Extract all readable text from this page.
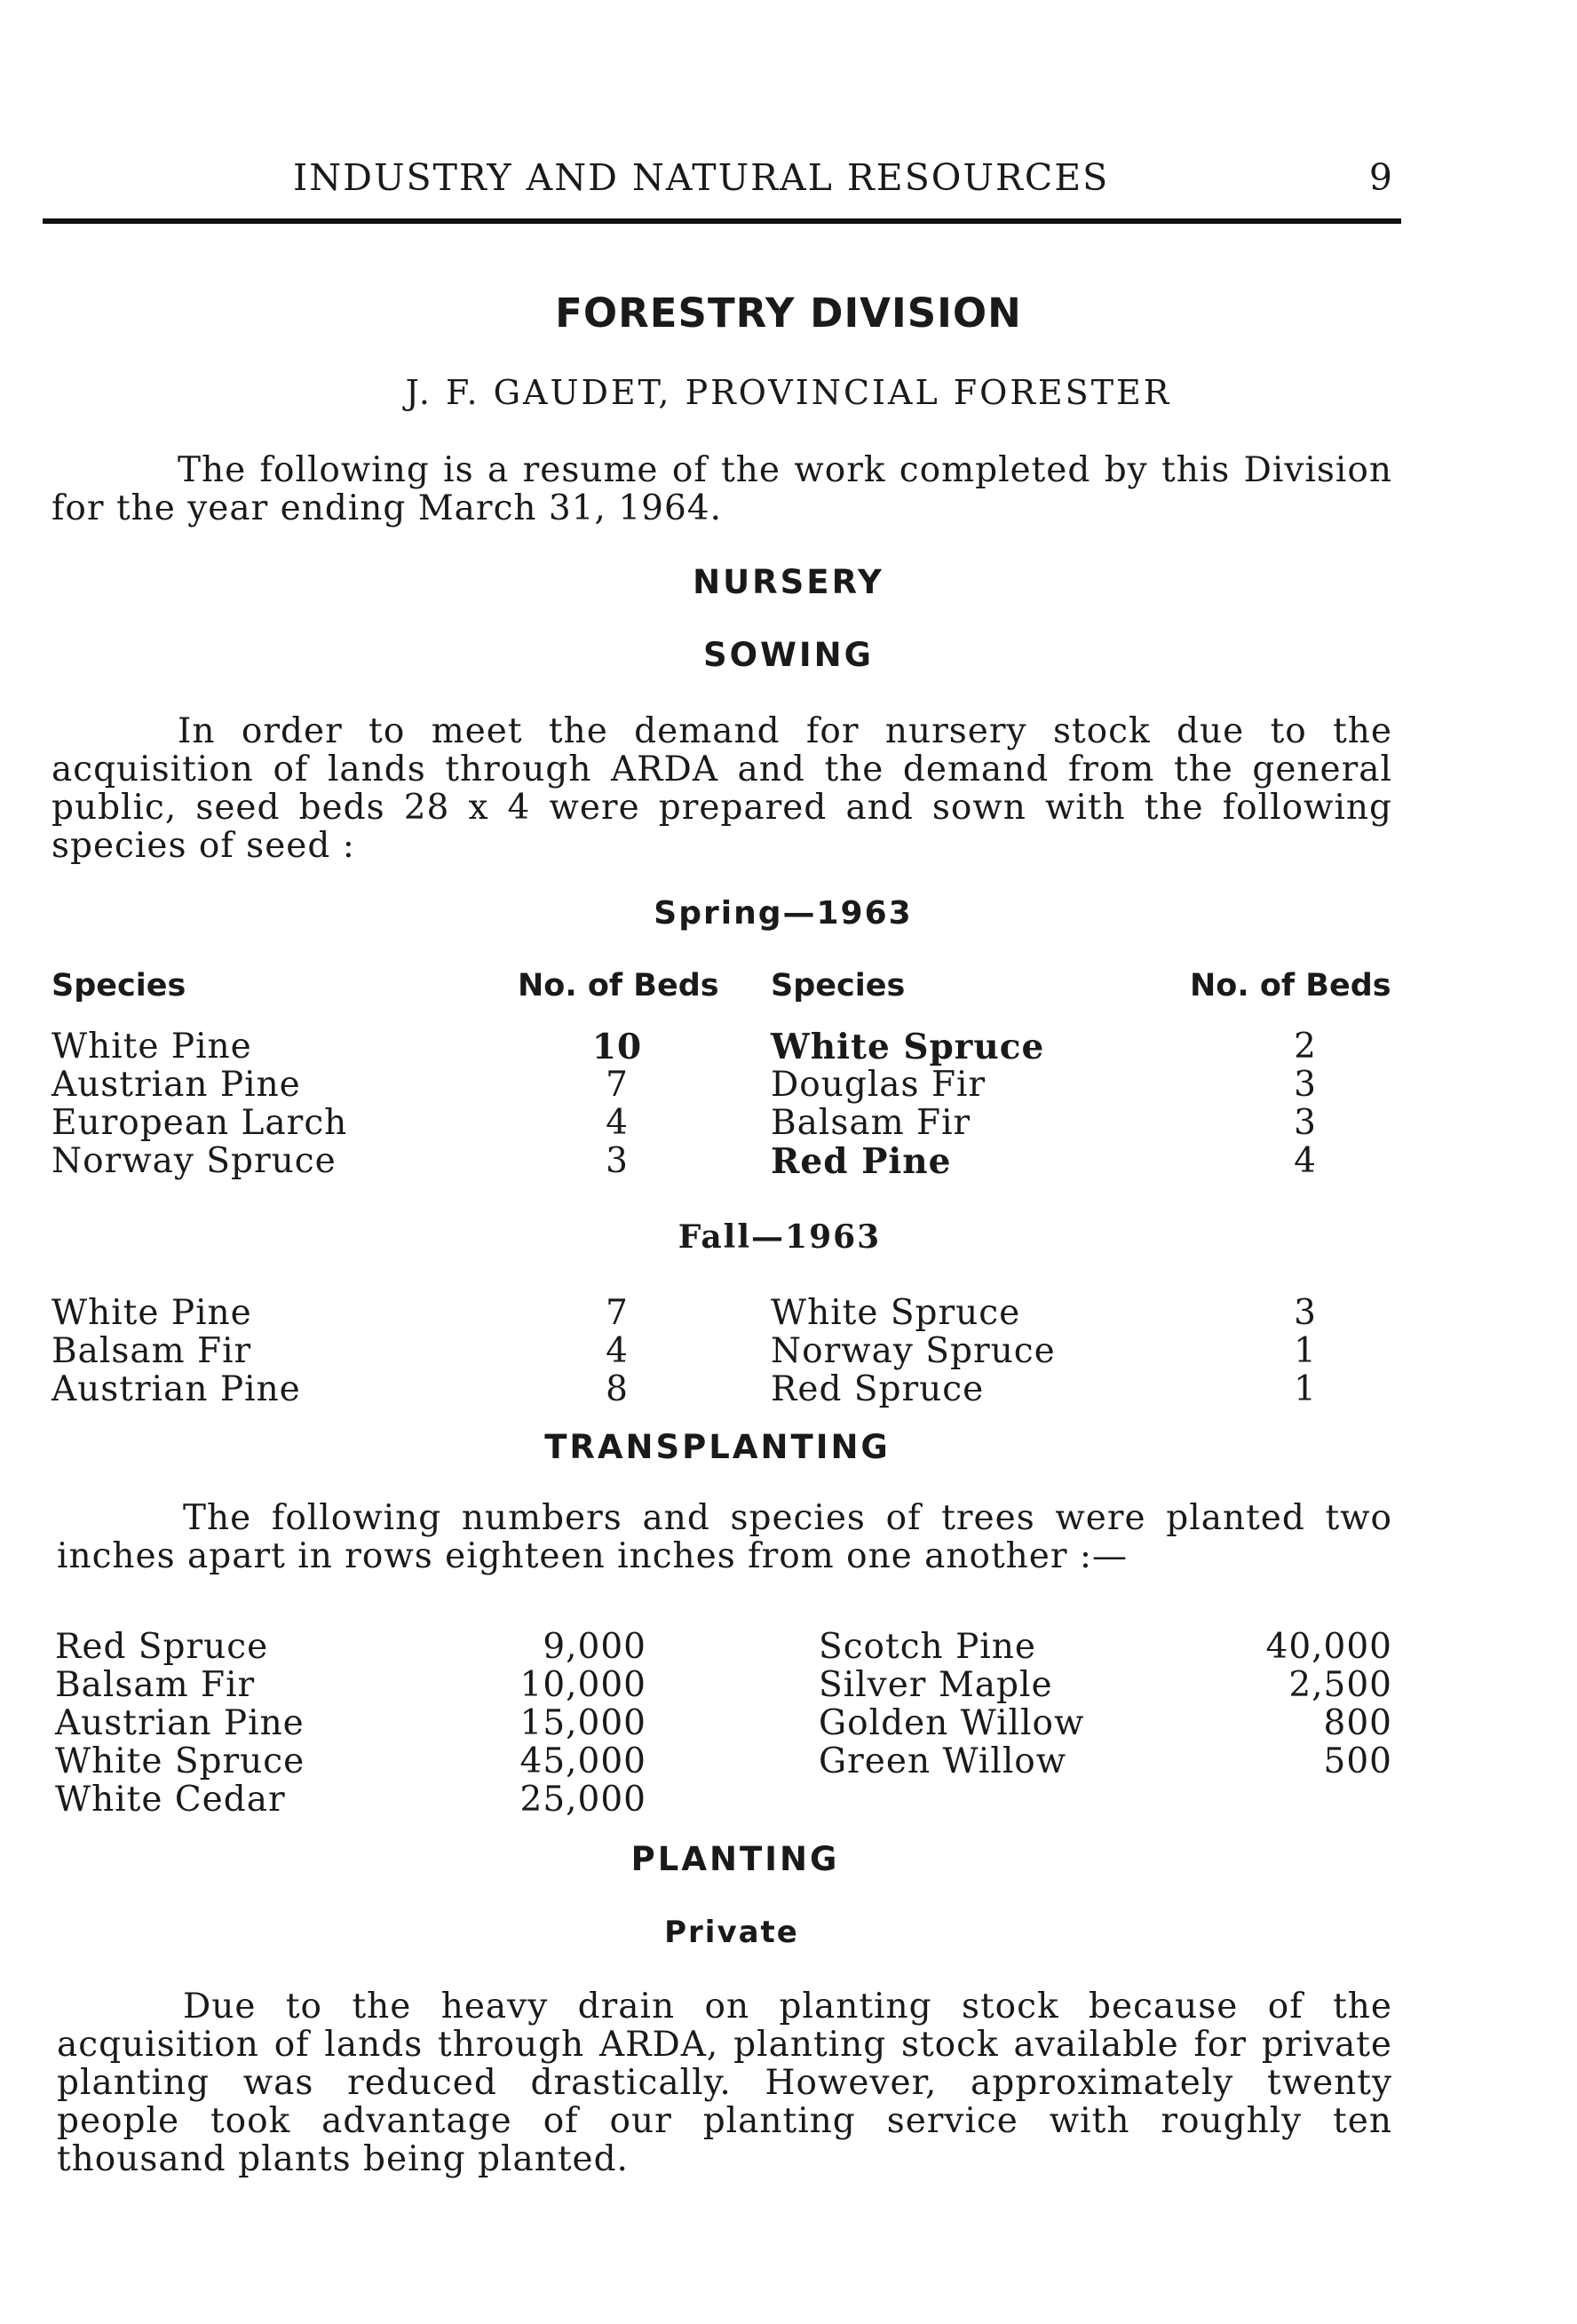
INDUSTRY AND NATURAL RESOURCES	9
FORESTRY DIVISION
J. F. GAUDET, PROVINCIAL FORESTER
The following is a resume of the work completed by this Division for the year ending March 31, 1964.
NURSERY
SOWING
In order to meet the demand for nursery stock due to the acquisition of lands through ARDA and the demand from the general public, seed beds 28 x 4 were prepared and sown with the following species of seed :
Spring—1963
Species	No. of Beds Species	No. of Beds
White Pine	10	White Spruce	2
Austrian Pine	7	Douglas Fir	3
European Larch	4	Balsam Fir	3
Norway Spruce	3	Red Pine	4
Fall—1963
White Pine	7	White Spruce	3
Balsam Fir	4	Norway Spruce	1
Austrian Pine	8	Red Spruce	1
TRANSPLANTING
The following numbers and species of trees were planted two inches apart in rows eighteen inches from one another :—
Red Spruce	9,000	Scotch Pine	40,000
Balsam Fir	10,000	Silver Maple	2,500
Austrian Pine	15,000	Golden Willow	800
White Spruce	45,000	Green Willow	500
White Cedar	25,000
PLANTING
Private
Due to the heavy drain on planting stock because of the acquisition of lands through ARDA, planting stock available for private planting was reduced drastically. However, approximately twenty people took advantage of our planting service with roughly ten thousand plants being planted.
